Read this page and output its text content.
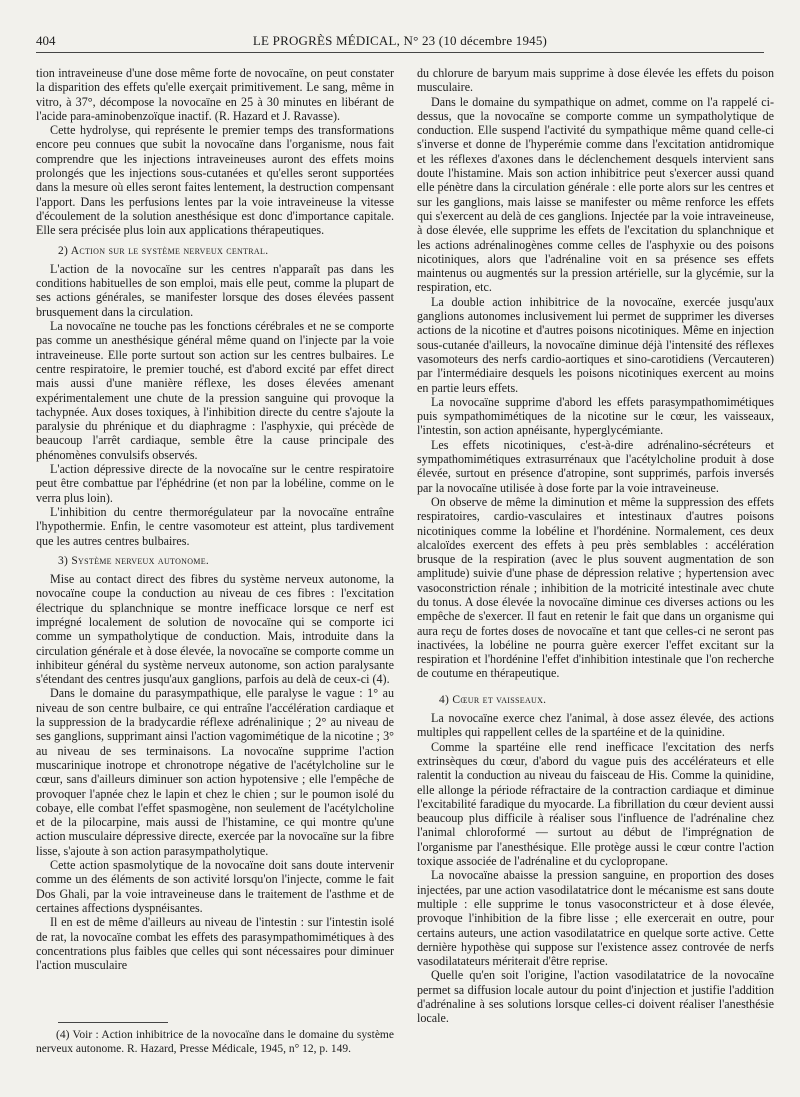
404	LE PROGRÈS MÉDICAL, N° 23 (10 décembre 1945)

tion intraveineuse d'une dose même forte de novocaïne, on peut constater la disparition des effets qu'elle exerçait primitivement. Le sang, même in vitro, à 37°, décompose la novocaïne en 25 à 30 minutes en libérant de l'acide para-aminobenzoïque inactif. (R. Hazard et J. Ravasse).

Cette hydrolyse, qui représente le premier temps des transformations encore peu connues que subit la novocaïne dans l'organisme, nous fait comprendre que les injections intraveineuses auront des effets moins prolongés que les injections sous-cutanées et qu'elles seront supportées dans la mesure où elles seront faites lentement, la destruction compensant l'apport. Dans les perfusions lentes par la voie intraveineuse la vitesse d'écoulement de la solution anesthésique est donc d'importance capitale. Elle sera précisée plus loin aux applications thérapeutiques.

2) Action sur le système nerveux central.

L'action de la novocaïne sur les centres n'apparaît pas dans les conditions habituelles de son emploi, mais elle peut, comme la plupart de ses actions générales, se manifester lorsque des doses élevées passent brusquement dans la circulation.

La novocaïne ne touche pas les fonctions cérébrales et ne se comporte pas comme un anesthésique général même quand on l'injecte par la voie intraveineuse. Elle porte surtout son action sur les centres bulbaires. Le centre respiratoire, le premier touché, est d'abord excité par effet direct mais aussi d'une manière réflexe, les doses élevées amenant expérimentalement une chute de la pression sanguine qui provoque la tachypnée. Aux doses toxiques, à l'inhibition directe du centre s'ajoute la paralysie du phrénique et du diaphragme : l'asphyxie, qui précède de beaucoup l'arrêt cardiaque, semble être la cause principale des phénomènes convulsifs observés.

L'action dépressive directe de la novocaïne sur le centre respiratoire peut être combattue par l'éphédrine (et non par la lobéline, comme on le verra plus loin).

L'inhibition du centre thermorégulateur par la novocaïne entraîne l'hypothermie. Enfin, le centre vasomoteur est atteint, plus tardivement que les autres centres bulbaires.

3) Système nerveux autonome.

Mise au contact direct des fibres du système nerveux autonome, la novocaïne coupe la conduction au niveau de ces fibres : l'excitation électrique du splanchnique se montre inefficace lorsque ce nerf est imprégné localement de solution de novocaïne qui se comporte ici comme un sympatholytique de conduction. Mais, introduite dans la circulation générale et à dose élevée, la novocaïne se comporte comme un inhibiteur général du système nerveux autonome, son action paralysante s'étendant des centres jusqu'aux ganglions, parfois au delà de ceux-ci (4).

Dans le domaine du parasympathique, elle paralyse le vague : 1° au niveau de son centre bulbaire, ce qui entraîne l'accélération cardiaque et la suppression de la bradycardie réflexe adrénalinique ; 2° au niveau de ses ganglions, supprimant ainsi l'action vagomimétique de la nicotine ; 3° au niveau de ses terminaisons. La novocaïne supprime l'action muscarinique inotrope et chronotrope négative de l'acétylcholine sur le cœur, sans d'ailleurs diminuer son action hypotensive ; elle l'empêche de provoquer l'apnée chez le lapin et chez le chien ; sur le poumon isolé du cobaye, elle combat l'effet spasmogène, non seulement de l'acétylcholine et de la pilocarpine, mais aussi de l'histamine, ce qui montre qu'une action musculaire dépressive directe, exercée par la novocaïne sur la fibre lisse, s'ajoute à son action parasympatholytique.

Cette action spasmolytique de la novocaïne doit sans doute intervenir comme un des éléments de son activité lorsqu'on l'injecte, comme le fait Dos Ghali, par la voie intraveineuse dans le traitement de l'asthme et de certaines affections dyspnéisantes.

Il en est de même d'ailleurs au niveau de l'intestin : sur l'intestin isolé de rat, la novocaïne combat les effets des parasympathomimétiques à des concentrations plus faibles que celles qui sont nécessaires pour diminuer l'action musculaire

(4) Voir : Action inhibitrice de la novocaïne dans le domaine du système nerveux autonome. R. Hazard, Presse Médicale, 1945, n° 12, p. 149.

du chlorure de baryum mais supprime à dose élevée les effets du poison musculaire.

Dans le domaine du sympathique on admet, comme on l'a rappelé ci-dessus, que la novocaïne se comporte comme un sympatholytique de conduction. Elle suspend l'activité du sympathique même quand celle-ci s'inverse et donne de l'hyperémie comme dans l'excitation antidromique et les réflexes d'axones dans le déclenchement desquels intervient sans doute l'histamine. Mais son action inhibitrice peut s'exercer aussi quand elle pénètre dans la circulation générale : elle porte alors sur les centres et sur les ganglions, mais laisse se manifester ou même renforce les effets qui s'exercent au delà de ces ganglions. Injectée par la voie intraveineuse, à dose élevée, elle supprime les effets de l'excitation du splanchnique et les actions adrénalinogènes comme celles de l'asphyxie ou des poisons nicotiniques, alors que l'adrénaline voit en sa présence ses effets maintenus ou augmentés sur la pression artérielle, sur la glycémie, sur la respiration, etc.

La double action inhibitrice de la novocaïne, exercée jusqu'aux ganglions autonomes inclusivement lui permet de supprimer les diverses actions de la nicotine et d'autres poisons nicotiniques. Même en injection sous-cutanée d'ailleurs, la novocaïne diminue déjà l'intensité des réflexes vasomoteurs des nerfs cardio-aortiques et sino-carotidiens (Vercauteren) par l'intermédiaire desquels les poisons nicotiniques exercent au moins en partie leurs effets.

La novocaïne supprime d'abord les effets parasympathomimétiques puis sympathomimétiques de la nicotine sur le cœur, les vaisseaux, l'intestin, son action apnéisante, hyperglycémiante.

Les effets nicotiniques, c'est-à-dire adrénalino-sécréteurs et sympathomimétiques extrasurrénaux que l'acétylcholine produit à dose élevée, surtout en présence d'atropine, sont supprimés, parfois inversés par la novocaïne utilisée à dose forte par la voie intraveineuse.

On observe de même la diminution et même la suppression des effets respiratoires, cardio-vasculaires et intestinaux d'autres poisons nicotiniques comme la lobéline et l'hordénine. Normalement, ces deux alcaloïdes exercent des effets à peu près semblables : accélération brusque de la respiration (avec le plus souvent augmentation de son amplitude) suivie d'une phase de dépression relative ; hypertension avec vasoconstriction rénale ; inhibition de la motricité intestinale avec chute du tonus. A dose élevée la novocaïne diminue ces diverses actions ou les empêche de s'exercer. Il faut en retenir le fait que dans un organisme qui aura reçu de fortes doses de novocaïne et tant que celles-ci ne seront pas inactivées, la lobéline ne pourra guère exercer l'effet excitant sur la respiration et l'hordénine l'effet d'inhibition intestinale que l'on recherche de coutume en thérapeutique.

4) Cœur et vaisseaux.

La novocaïne exerce chez l'animal, à dose assez élevée, des actions multiples qui rappellent celles de la spartéine et de la quinidine.

Comme la spartéine elle rend inefficace l'excitation des nerfs extrinsèques du cœur, d'abord du vague puis des accélérateurs et elle ralentit la conduction au niveau du faisceau de His. Comme la quinidine, elle allonge la période réfractaire de la contraction cardiaque et diminue l'excitabilité faradique du myocarde. La fibrillation du cœur devient aussi beaucoup plus difficile à réaliser sous l'influence de l'adrénaline chez l'animal chloroformé — surtout au début de l'imprégnation de l'organisme par l'anesthésique. Elle protège aussi le cœur contre l'action toxique associée de l'adrénaline et du cyclopropane.

La novocaïne abaisse la pression sanguine, en proportion des doses injectées, par une action vasodilatatrice dont le mécanisme est sans doute multiple : elle supprime le tonus vasoconstricteur et à dose élevée, provoque l'inhibition de la fibre lisse ; elle exercerait en outre, pour certains auteurs, une action vasodilatatrice en quelque sorte active. Cette dernière hypothèse qui suppose sur l'existence assez controvée de nerfs vasodilatateurs mériterait d'être reprise.

Quelle qu'en soit l'origine, l'action vasodilatatrice de la novocaïne permet sa diffusion locale autour du point d'injection et justifie l'addition d'adrénaline à ses solutions lorsque celles-ci doivent réaliser l'anesthésie locale.
